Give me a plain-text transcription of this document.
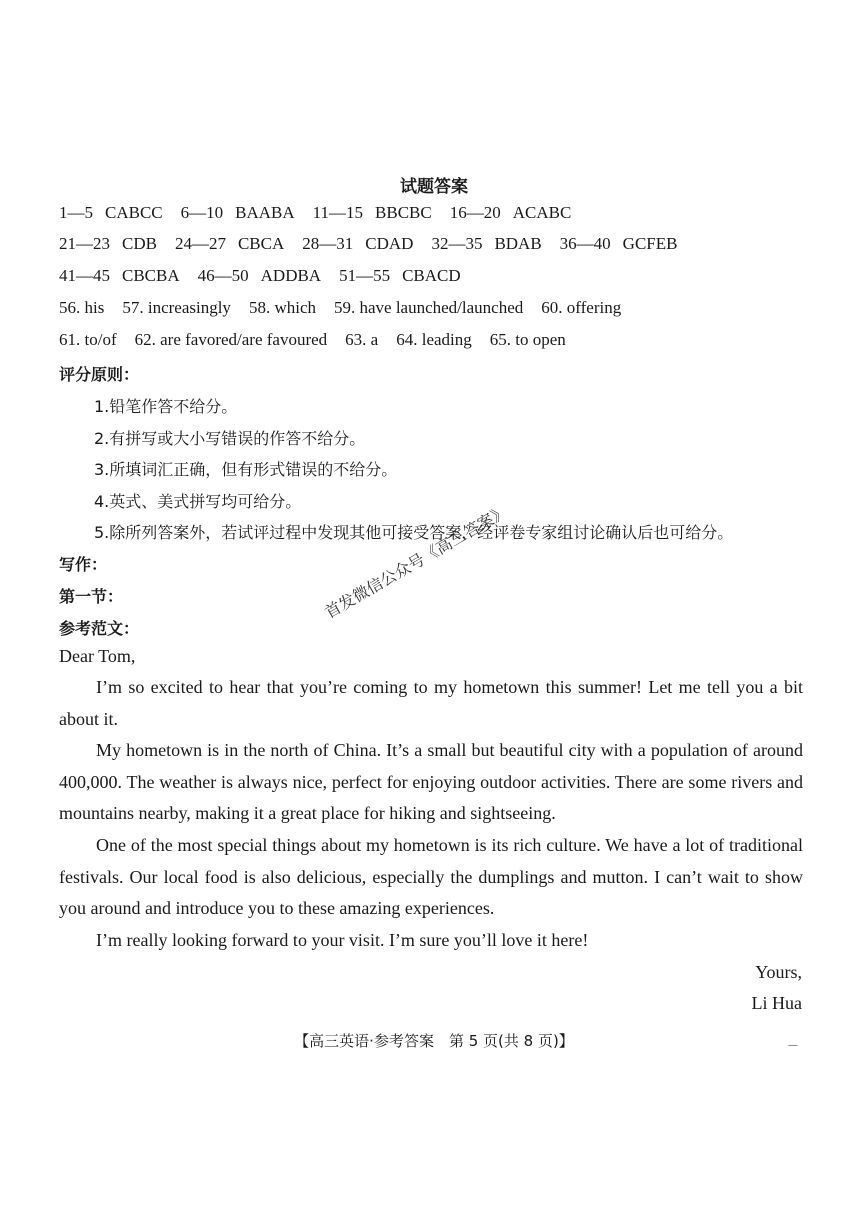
试题答案
1—5 CABCC 6—10 BAABA 11—15 BBCBC 16—20 ACABC
21—23 CDB 24—27 CBCA 28—31 CDAD 32—35 BDAB 36—40 GCFEB
41—45 CBCBA 46—50 ADDBA 51—55 CBACD
56. his 57. increasingly 58. which 59. have launched/launched 60. offering
61. to/of 62. are favored/are favoured 63. a 64. leading 65. to open
评分原则：
1.铅笔作答不给分。
2.有拼写或大小写错误的作答不给分。
3.所填词汇正确，但有形式错误的不给分。
4.英式、美式拼写均可给分。
5.除所列答案外，若试评过程中发现其他可接受答案，经评卷专家组讨论确认后也可给分。
写作：
第一节：
参考范文：
Dear Tom,
I’m so excited to hear that you’re coming to my hometown this summer! Let me tell you a bit about it.
My hometown is in the north of China. It’s a small but beautiful city with a population of around 400,000. The weather is always nice, perfect for enjoying outdoor activities. There are some rivers and mountains nearby, making it a great place for hiking and sightseeing.
One of the most special things about my hometown is its rich culture. We have a lot of traditional festivals. Our local food is also delicious, especially the dumplings and mutton. I can’t wait to show you around and introduce you to these amazing experiences.
I’m really looking forward to your visit. I’m sure you’ll love it here!
Yours,
Li Hua
首发微信公众号《高三答案》
【高三英语·参考答案　第 5 页(共 8 页)】	—
